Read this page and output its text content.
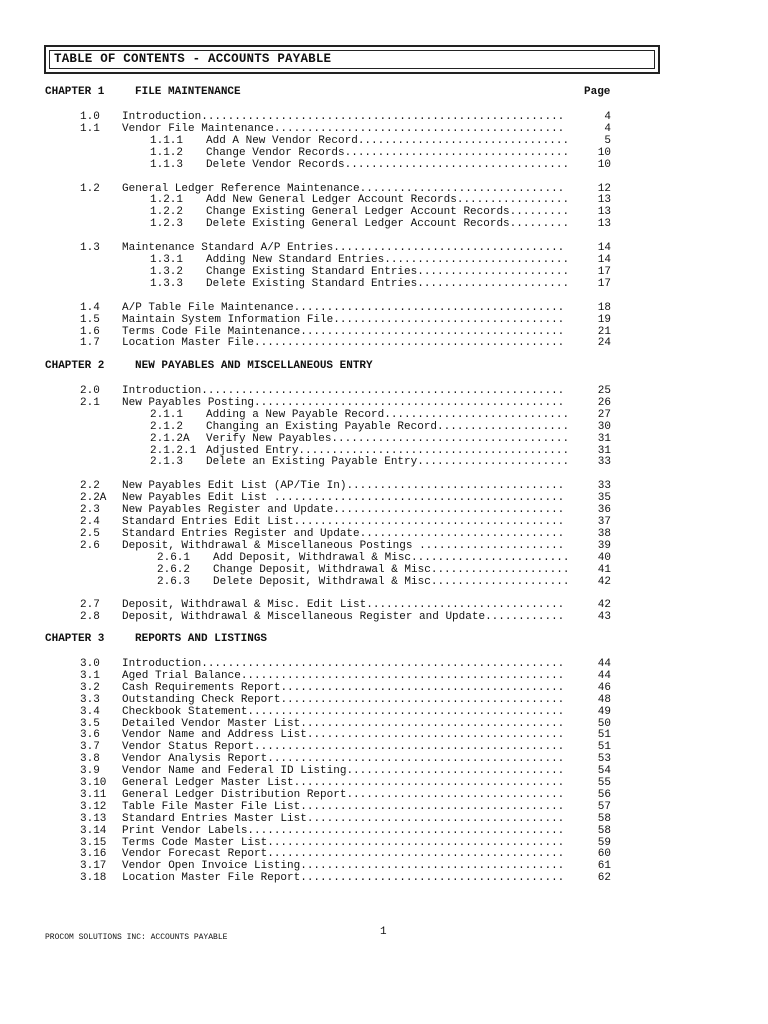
TABLE OF CONTENTS - ACCOUNTS PAYABLE
CHAPTER 1	FILE MAINTENANCE	Page
1.0 Introduction.......................................................	4
1.1 Vendor File Maintenance............................................	4
1.1.1 Add A New Vendor Record................................	5
1.1.2 Change Vendor Records..................................	10
1.1.3 Delete Vendor Records..................................	10
1.2 General Ledger Reference Maintenance...............................	12
1.2.1 Add New General Ledger Account Records.................	13
1.2.2 Change Existing General Ledger Account Records.........	13
1.2.3 Delete Existing General Ledger Account Records.........	13
1.3 Maintenance Standard A/P Entries...................................	14
1.3.1 Adding New Standard Entries............................	14
1.3.2 Change Existing Standard Entries.......................	17
1.3.3 Delete Existing Standard Entries.......................	17
1.4 A/P Table File Maintenance.........................................	18
1.5 Maintain System Information File...................................	19
1.6 Terms Code File Maintenance........................................	21
1.7 Location Master File...............................................	24
CHAPTER 2	NEW PAYABLES AND MISCELLANEOUS ENTRY
2.0 Introduction.......................................................	25
2.1 New Payables Posting...............................................	26
2.1.1 Adding a New Payable Record............................	27
2.1.2 Changing an Existing Payable Record....................	30
2.1.2A Verify New Payables....................................	31
2.1.2.1 Adjusted Entry.........................................	31
2.1.3 Delete an Existing Payable Entry.......................	33
2.2 New Payables Edit List (AP/Tie In).................................	33
2.2A New Payables Edit List ............................................	35
2.3 New Payables Register and Update...................................	36
2.4 Standard Entries Edit List.........................................	37
2.5 Standard Entries Register and Update...............................	38
2.6 Deposit, Withdrawal & Miscellaneous Postings ......................	39
2.6.1 Add Deposit, Withdrawal & Misc........................	40
2.6.2 Change Deposit, Withdrawal & Misc.....................	41
2.6.3 Delete Deposit, Withdrawal & Misc.....................	42
2.7 Deposit, Withdrawal & Misc. Edit List..............................	42
2.8 Deposit, Withdrawal & Miscellaneous Register and Update............	43
CHAPTER 3	REPORTS AND LISTINGS
3.0 Introduction.......................................................	44
3.1 Aged Trial Balance.................................................	44
3.2 Cash Requirements Report...........................................	46
3.3 Outstanding Check Report...........................................	48
3.4 Checkbook Statement................................................	49
3.5 Detailed Vendor Master List........................................	50
3.6 Vendor Name and Address List.......................................	51
3.7 Vendor Status Report...............................................	51
3.8 Vendor Analysis Report.............................................	53
3.9 Vendor Name and Federal ID Listing.................................	54
3.10 General Ledger Master List.........................................	55
3.11 General Ledger Distribution Report.................................	56
3.12 Table File Master File List........................................	57
3.13 Standard Entries Master List.......................................	58
3.14 Print Vendor Labels................................................	58
3.15 Terms Code Master List.............................................	59
3.16 Vendor Forecast Report.............................................	60
3.17 Vendor Open Invoice Listing........................................	61
3.18 Location Master File Report........................................	62
1
PROCOM SOLUTIONS INC: ACCOUNTS PAYABLE
